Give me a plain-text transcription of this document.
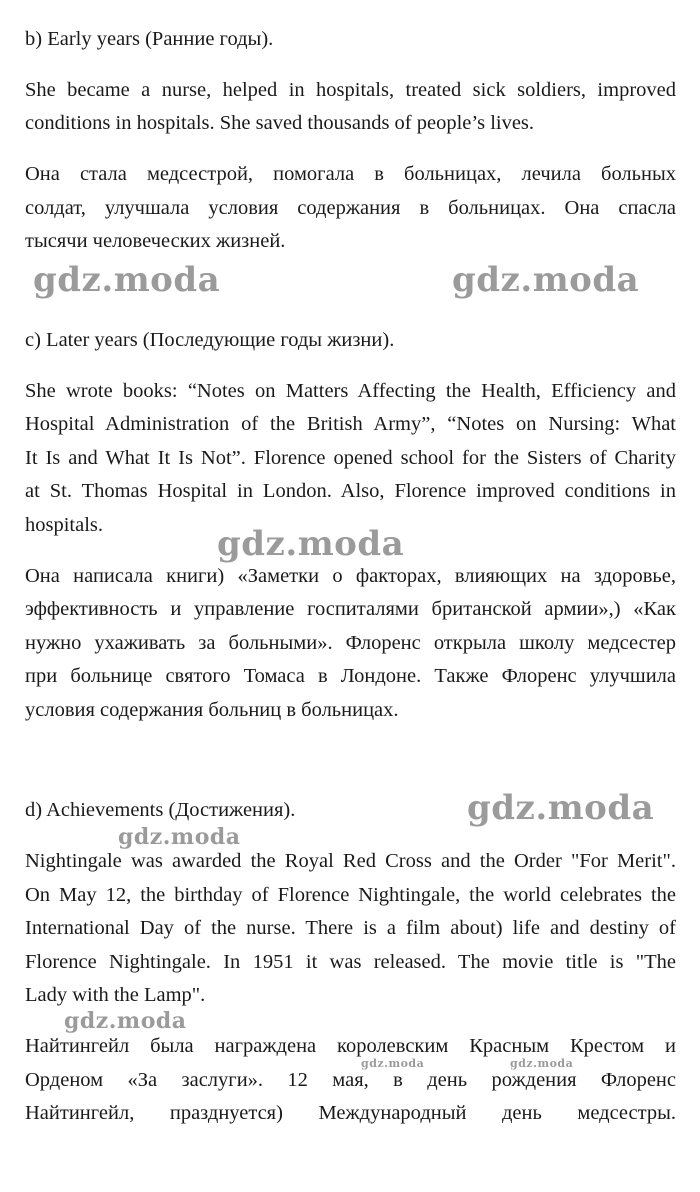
b) Early years (Ранние годы).
She became a nurse, helped in hospitals, treated sick soldiers, improved
conditions in hospitals. She saved thousands of people’s lives.
Она стала медсестрой, помогала в больницах, лечила больных
солдат, улучшала условия содержания в больницах. Она спасла
тысячи человеческих жизней.
gdz.moda	gdz.moda
c) Later years (Последующие годы жизни).
She wrote books: “Notes on Matters Affecting the Health, Efficiency and
Hospital Administration of the British Army”, “Notes on Nursing: What
It Is and What It Is Not”. Florence opened school for the Sisters of Charity
at St. Thomas Hospital in London. Also, Florence improved conditions in
hospitals.	gdz.moda
Она написала книги) «Заметки о факторах, влияющих на здоровье,
эффективность и управление госпиталями британской армии»,) «Как
нужно ухаживать за больными». Флоренс открыла школу медсестер
при больнице святого Томаса в Лондоне. Также Флоренс улучшила
условия содержания больниц в больницах.
d) Achievements (Достижения).	gdz.moda
gdz.moda
Nightingale was awarded the Royal Red Cross and the Order "For Merit".
On May 12, the birthday of Florence Nightingale, the world celebrates the
International Day of the nurse. There is a film about) life and destiny of
Florence Nightingale. In 1951 it was released. The movie title is "The
Lady with the Lamp".
gdz.moda
Найтингейл была награждена королевским Красным Крестом и
gdz.moda	gdz.moda
Орденом «За заслуги». 12 мая, в день рождения Флоренс
Найтингейл, празднуется) Международный день медсестры.
